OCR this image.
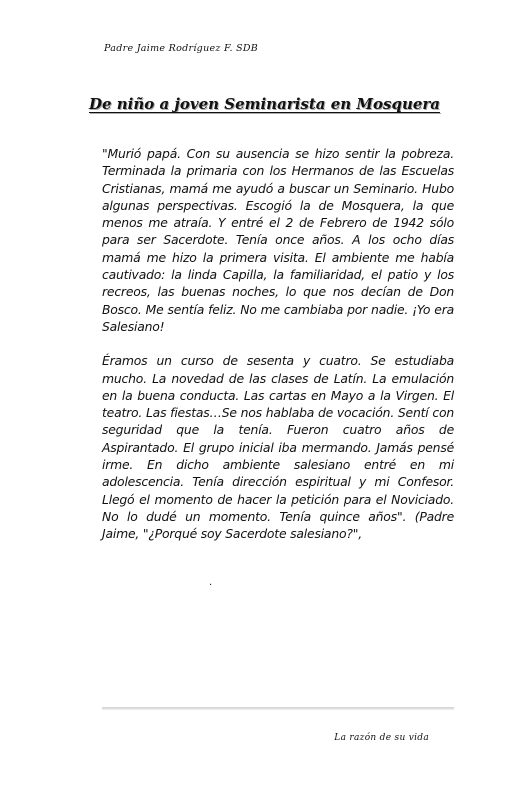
Padre Jaime Rodríguez F. SDB
De niño a joven Seminarista en Mosquera

"Murió papá. Con su ausencia se hizo sentir la pobreza. Terminada la primaria con los Hermanos de las Escuelas Cristianas, mamá me ayudó a buscar un Seminario. Hubo algunas perspectivas. Escogió la de Mosquera, la que menos me atraía. Y entré el 2 de Febrero de 1942 sólo para ser Sacerdote. Tenía once años. A los ocho días mamá me hizo la primera visita. El ambiente me había cautivado: la linda Capilla, la familiaridad, el patio y los recreos, las buenas noches, lo que nos decían de Don Bosco. Me sentía feliz. No me cambiaba por nadie. ¡Yo era Salesiano!

Éramos un curso de sesenta y cuatro. Se estudiaba mucho. La novedad de las clases de Latín. La emulación en la buena conducta. Las cartas en Mayo a la Virgen. El teatro. Las fiestas…Se nos hablaba de vocación. Sentí con seguridad que la tenía. Fueron cuatro años de Aspirantado. El grupo inicial iba mermando. Jamás pensé irme. En dicho ambiente salesiano entré en mi adolescencia. Tenía dirección espiritual y mi Confesor. Llegó el momento de hacer la petición para el Noviciado. No lo dudé un momento. Tenía quince años". (Padre Jaime, "¿Porqué soy Sacerdote salesiano?",

.
La razón de su vida
